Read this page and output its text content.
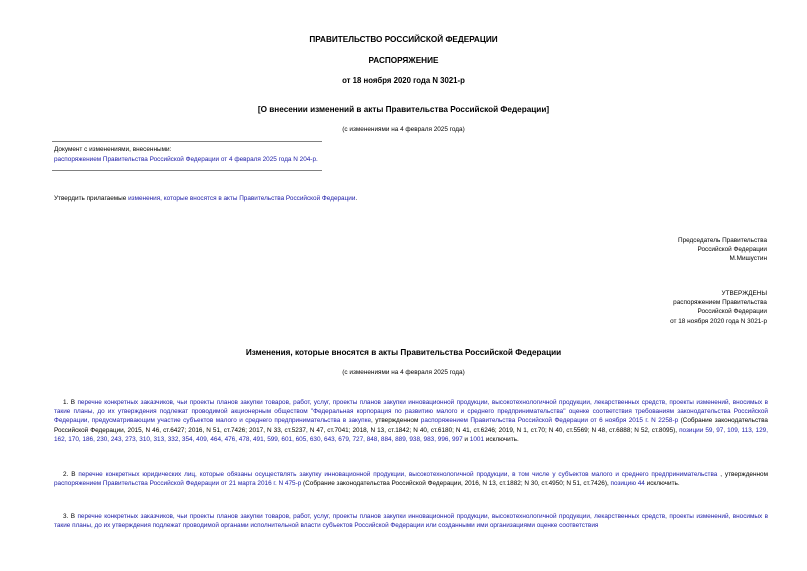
ПРАВИТЕЛЬСТВО РОССИЙСКОЙ ФЕДЕРАЦИИ
РАСПОРЯЖЕНИЕ
от 18 ноября 2020 года N 3021-р
[О внесении изменений в акты Правительства Российской Федерации]
(с изменениями на 4 февраля 2025 года)
Документ с изменениями, внесенными:
распоряжением Правительства Российской Федерации от 4 февраля 2025 года N 204-р.
Утвердить прилагаемые изменения, которые вносятся в акты Правительства Российской Федерации.
Председатель Правительства
Российской Федерации
М.Мишустин
УТВЕРЖДЕНЫ
распоряжением Правительства
Российской Федерации
от 18 ноября 2020 года N 3021-р
Изменения, которые вносятся в акты Правительства Российской Федерации
(с изменениями на 4 февраля 2025 года)
1. В перечне конкретных заказчиков, чьи проекты планов закупки товаров, работ, услуг, проекты планов закупки инновационной продукции, высокотехнологичной продукции, лекарственных средств, проекты изменений, вносимых в такие планы, до их утверждения подлежат проводимой акционерным обществом "Федеральная корпорация по развитию малого и среднего предпринимательства" оценке соответствия требованиям законодательства Российской Федерации, предусматривающим участие субъектов малого и среднего предпринимательства в закупке, утвержденном распоряжением Правительства Российской Федерации от 6 ноября 2015 г. N 2258-р (Собрание законодательства Российской Федерации, 2015, N 46, ст.6427; 2016, N 51, ст.7426; 2017, N 33, ст.5237, N 47, ст.7041; 2018, N 13, ст.1842; N 40, ст.6180; N 41, ст.6246; 2019, N 1, ст.70; N 40, ст.5569; N 48, ст.6888; N 52, ст.8095), позиции 59, 97, 109, 113, 129, 162, 170, 186, 230, 243, 273, 310, 313, 332, 354, 409, 464, 476, 478, 491, 599, 601, 605, 630, 643, 679, 727, 848, 884, 889, 938, 983, 996, 997 и 1001 исключить.
2. В перечне конкретных юридических лиц, которые обязаны осуществлять закупку инновационной продукции, высокотехнологичной продукции, в том числе у субъектов малого и среднего предпринимательства , утвержденном распоряжением Правительства Российской Федерации от 21 марта 2016 г. N 475-р (Собрание законодательства Российской Федерации, 2016, N 13, ст.1882; N 30, ст.4950; N 51, ст.7426), позицию 44 исключить.
3. В перечне конкретных заказчиков, чьи проекты планов закупки товаров, работ, услуг, проекты планов закупки инновационной продукции, высокотехнологичной продукции, лекарственных средств, проекты изменений, вносимых в такие планы, до их утверждения подлежат проводимой органами исполнительной власти субъектов Российской Федерации или созданными ими организациями оценке соответствия
